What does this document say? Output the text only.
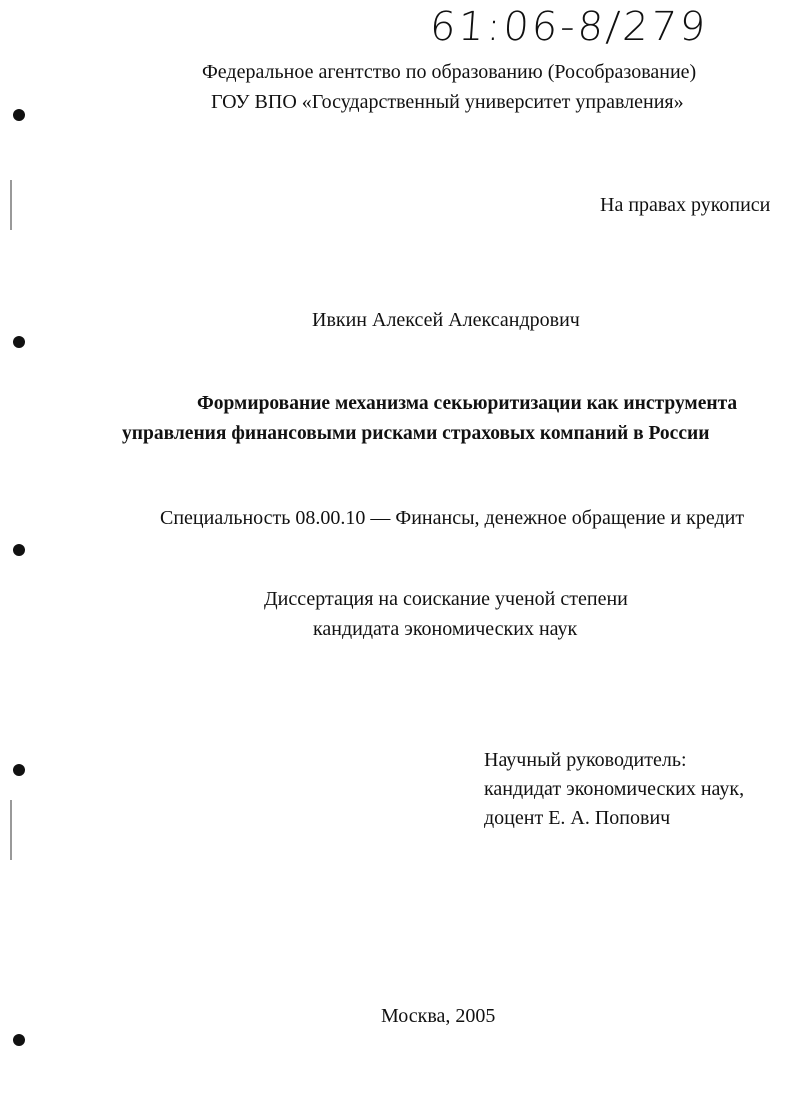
61:06-8/279
Федеральное агентство по образованию (Рособразование)
ГОУ ВПО «Государственный университет управления»
На правах рукописи
Ивкин Алексей Александрович
Формирование механизма секьюритизации как инструмента
управления финансовыми рисками страховых компаний в России
Специальность 08.00.10 — Финансы, денежное обращение и кредит
Диссертация на соискание ученой степени
кандидата экономических наук
Научный руководитель:
кандидат экономических наук,
доцент Е. А. Попович
Москва, 2005
